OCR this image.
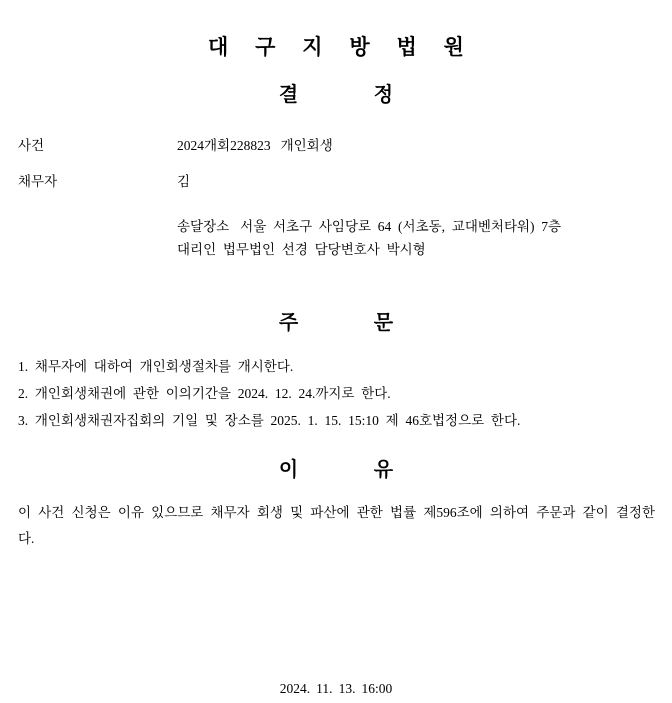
대 구 지 방 법 원
결 정
사건	2024개회228823 개인회생
채무자	김
송달장소 서울 서초구 사임당로 64 (서초동, 교대벤처타워) 7층
대리인 법무법인 선경 담당변호사 박시형
주 문
1. 채무자에 대하여 개인회생절차를 개시한다.
2. 개인회생채권에 관한 이의기간을 2024. 12. 24.까지로 한다.
3. 개인회생채권자집회의 기일 및 장소를 2025. 1. 15. 15:10 제 46호법정으로 한다.
이 유
이 사건 신청은 이유 있으므로 채무자 회생 및 파산에 관한 법률 제596조에 의하여 주문과 같이 결정한다.
2024. 11. 13. 16:00
